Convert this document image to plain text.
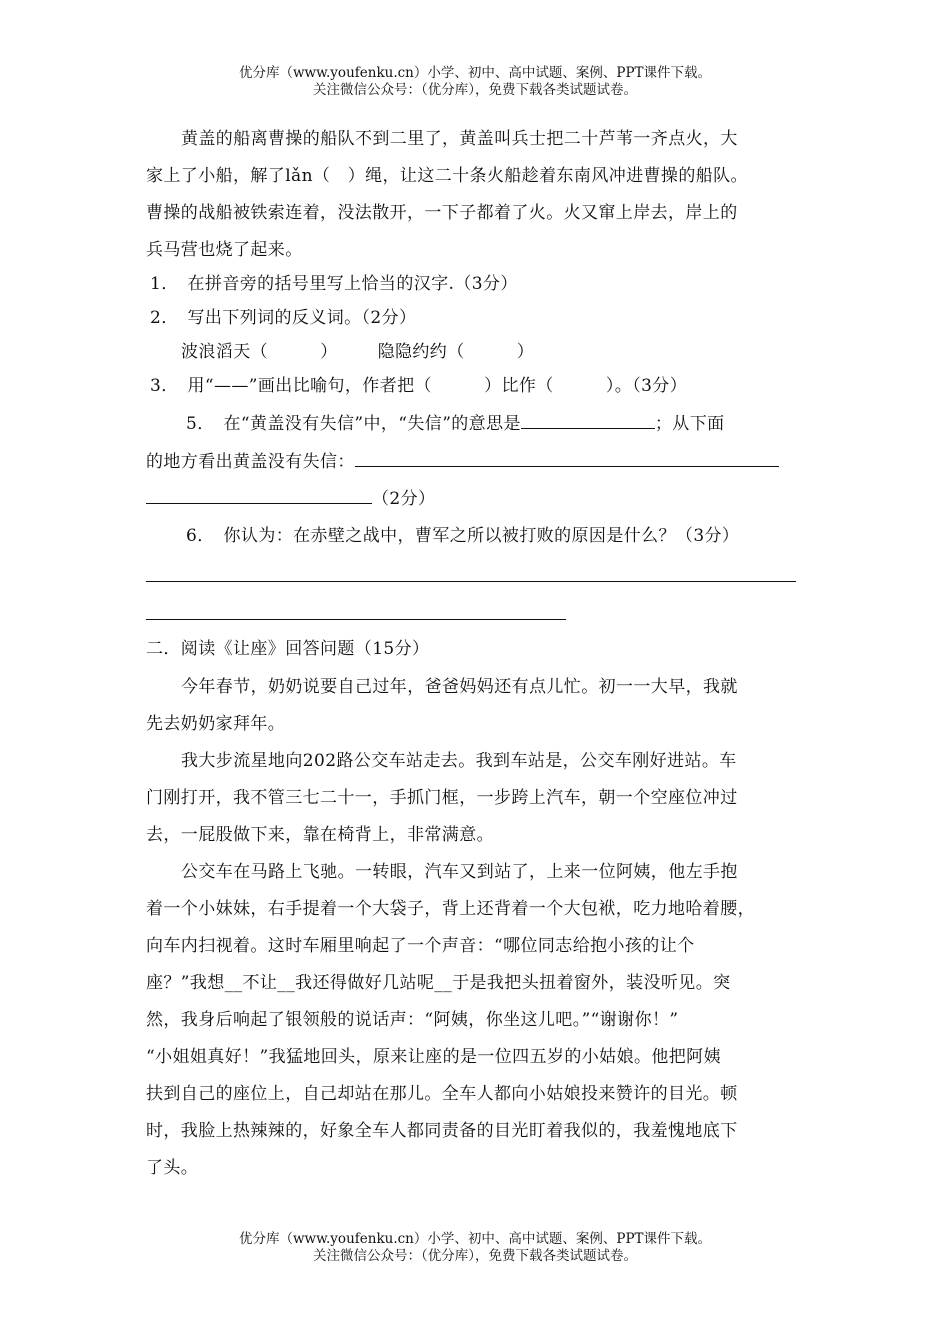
优分库（www.youfenku.cn）小学、初中、高中试题、案例、PPT课件下载。
关注微信公众号：（优分库），免费下载各类试题试卷。
黄盖的船离曹操的船队不到二里了，黄盖叫兵士把二十芦苇一齐点火，大
家上了小船，解了lǎn（　）绳，让这二十条火船趁着东南风冲进曹操的船队。
曹操的战船被铁索连着，没法散开，一下子都着了火。火又窜上岸去，岸上的
兵马营也烧了起来。
1．　在拼音旁的括号里写上恰当的汉字.（3分）
2．　写出下列词的反义词。（2分）
波浪滔天（　　　） 隐隐约约（　　　）
3．　用“——”画出比喻句，作者把（　　　）比作（　　　）。（3分）
5．　在“黄盖没有失信”中，“失信”的意思是	；从下面
的地方看出黄盖没有失信：
（2分）
6．　你认为：在赤壁之战中，曹军之所以被打败的原因是什么？（3分）
二．阅读《让座》回答问题（15分）
今年春节，奶奶说要自己过年，爸爸妈妈还有点儿忙。初一一大早，我就
先去奶奶家拜年。
我大步流星地向202路公交车站走去。我到车站是，公交车刚好进站。车
门刚打开，我不管三七二十一，手抓门框，一步跨上汽车，朝一个空座位冲过
去，一屁股做下来，靠在椅背上，非常满意。
公交车在马路上飞驰。一转眼，汽车又到站了，上来一位阿姨，他左手抱
着一个小妹妹，右手提着一个大袋子，背上还背着一个大包袱，吃力地哈着腰，
向车内扫视着。这时车厢里响起了一个声音：“哪位同志给抱小孩的让个
座？”我想__不让__我还得做好几站呢__于是我把头扭着窗外，装没听见。突
然，我身后响起了银领般的说话声：“阿姨，你坐这儿吧。”“谢谢你！”
“小姐姐真好！”我猛地回头，原来让座的是一位四五岁的小姑娘。他把阿姨
扶到自己的座位上，自己却站在那儿。全车人都向小姑娘投来赞许的目光。顿
时，我脸上热辣辣的，好象全车人都同责备的目光盯着我似的，我羞愧地底下
了头。
优分库（www.youfenku.cn）小学、初中、高中试题、案例、PPT课件下载。
关注微信公众号：（优分库），免费下载各类试题试卷。
